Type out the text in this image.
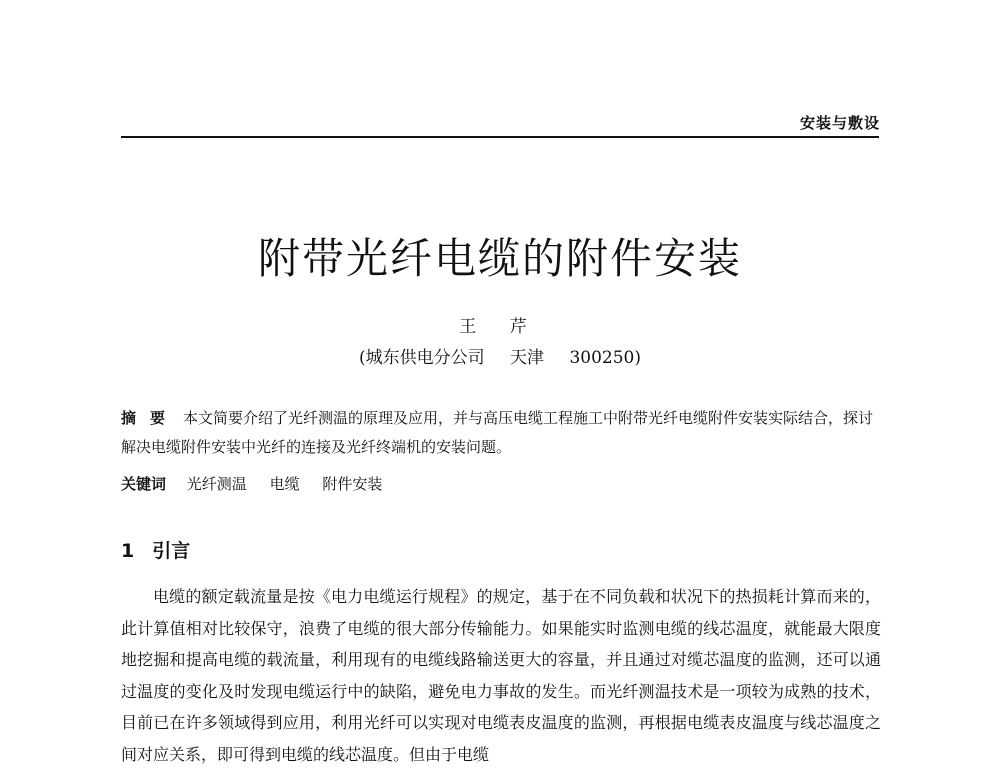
安装与敷设
附带光纤电缆的附件安装
王 芹
(城东供电分公司 天津 300250)
摘要 本文简要介绍了光纤测温的原理及应用，并与高压电缆工程施工中附带光纤电缆附件安装实际结合，探讨解决电缆附件安装中光纤的连接及光纤终端机的安装问题。
关键词 光纤测温 电缆 附件安装
1 引言

电缆的额定载流量是按《电力电缆运行规程》的规定，基于在不同负载和状况下的热损耗计算而来的，此计算值相对比较保守，浪费了电缆的很大部分传输能力。如果能实时监测电缆的线芯温度，就能最大限度地挖掘和提高电缆的载流量，利用现有的电缆线路输送更大的容量，并且通过对缆芯温度的监测，还可以通过温度的变化及时发现电缆运行中的缺陷，避免电力事故的发生。而光纤测温技术是一项较为成熟的技术，目前已在许多领域得到应用，利用光纤可以实现对电缆表皮温度的监测，再根据电缆表皮温度与线芯温度之间对应关系，即可得到电缆的线芯温度。但由于电缆
